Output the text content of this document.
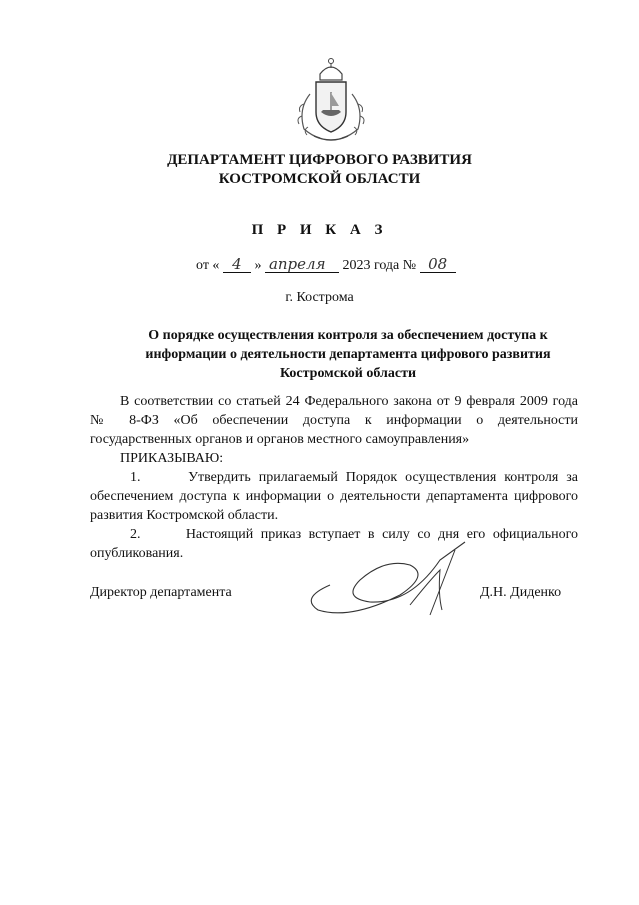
ДЕПАРТАМЕНТ ЦИФРОВОГО РАЗВИТИЯ
КОСТРОМСКОЙ ОБЛАСТИ
П Р И К А З
от « 4 » апреля 2023 года № 08
г. Кострома
О порядке осуществления контроля за обеспечением доступа к
информации о деятельности департамента цифрового развития
Костромской области
В соответствии со статьей 24 Федерального закона от 9 февраля 2009 года № 8-ФЗ «Об обеспечении доступа к информации о деятельности государственных органов и органов местного самоуправления»
ПРИКАЗЫВАЮ:
1.      Утвердить прилагаемый Порядок осуществления контроля за обеспечением доступа к информации о деятельности департамента цифрового развития Костромской области.
2.      Настоящий приказ вступает в силу со дня его официального опубликования.
Директор департамента	Д.Н. Диденко
